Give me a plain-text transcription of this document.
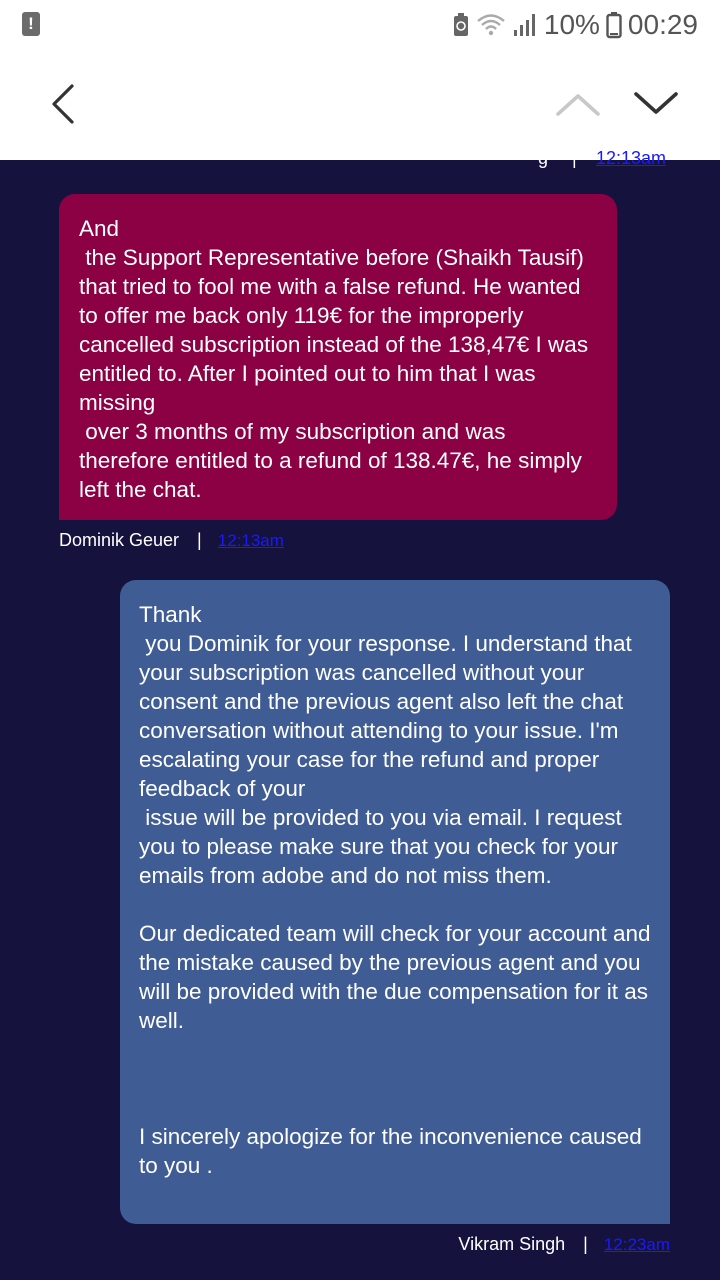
!	10% 00:29
g | 12:13am
And
the Support Representative before (Shaikh Tausif) that tried to fool me with a false refund. He wanted to offer me back only 119€ for the improperly cancelled subscription instead of the 138,47€ I was entitled to. After I pointed out to him that I was missing
over 3 months of my subscription and was therefore entitled to a refund of 138.47€, he simply left the chat.
Dominik Geuer | 12:13am
Thank
you Dominik for your response. I understand that your subscription was cancelled without your consent and the previous agent also left the chat conversation without attending to your issue. I'm escalating your case for the refund and proper feedback of your
issue will be provided to you via email. I request you to please make sure that you check for your emails from adobe and do not miss them.

Our dedicated team will check for your account and the mistake caused by the previous agent and you will be provided with the due compensation for it as well.

I sincerely apologize for the inconvenience caused to you .
Vikram Singh | 12:23am
